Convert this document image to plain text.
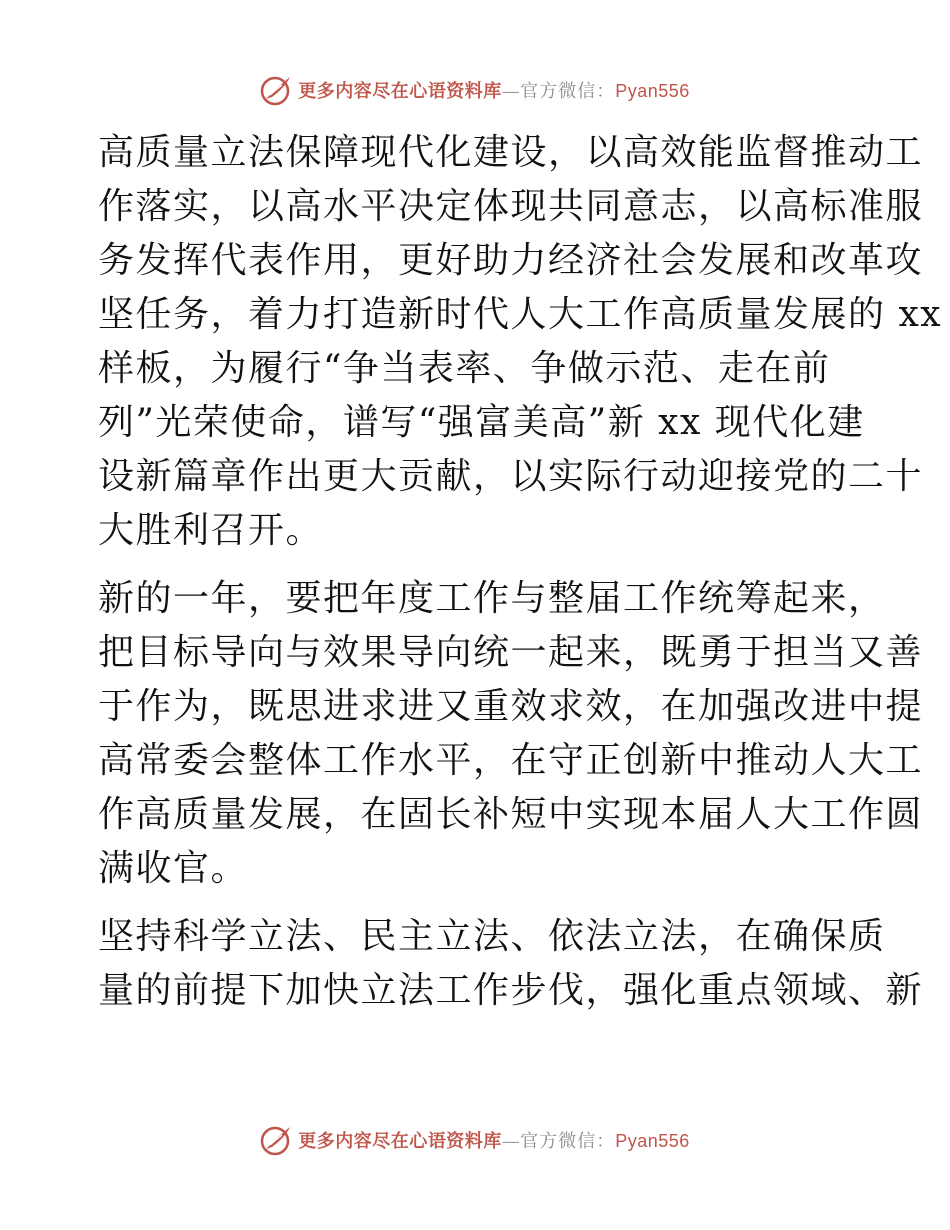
更多内容尽在心语资料库—官方微信：Pyan556

高质量立法保障现代化建设，以高效能监督推动工
作落实，以高水平决定体现共同意志，以高标准服
务发挥代表作用，更好助力经济社会发展和改革攻
坚任务，着力打造新时代人大工作高质量发展的 xx
样板，为履行“争当表率、争做示范、走在前
列”光荣使命，谱写“强富美高”新 xx 现代化建
设新篇章作出更大贡献，以实际行动迎接党的二十
大胜利召开。

新的一年，要把年度工作与整届工作统筹起来，
把目标导向与效果导向统一起来，既勇于担当又善
于作为，既思进求进又重效求效，在加强改进中提
高常委会整体工作水平，在守正创新中推动人大工
作高质量发展，在固长补短中实现本届人大工作圆
满收官。

坚持科学立法、民主立法、依法立法，在确保质
量的前提下加快立法工作步伐，强化重点领域、新

更多内容尽在心语资料库—官方微信：Pyan556
